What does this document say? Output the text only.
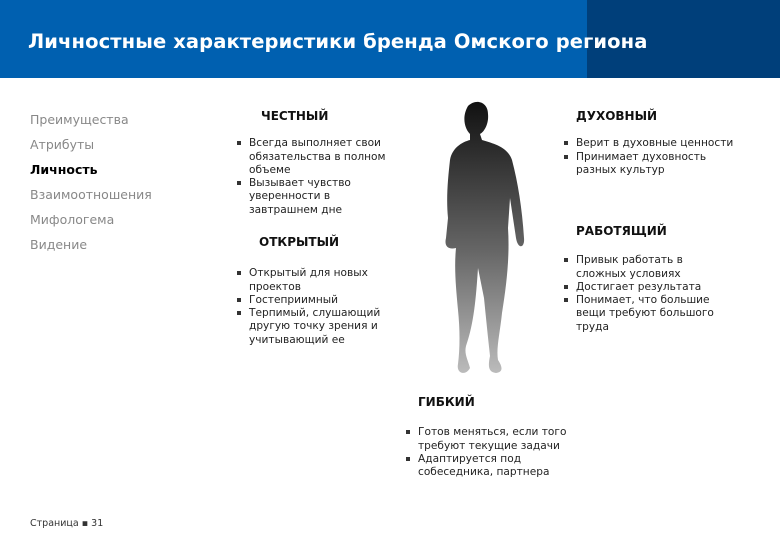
Личностные характеристики бренда Омского региона
Преимущества
Атрибуты
Личность
Взаимоотношения
Мифологема
Видение
ЧЕСТНЫЙ
Всегда выполняет свои
обязательства в полном
объеме
Вызывает чувство
уверенности в
завтрашнем дне
ОТКРЫТЫЙ
Открытый для новых
проектов
Гостеприимный
Терпимый, слушающий
другую точку зрения и
учитывающий ее
ДУХОВНЫЙ
Верит в духовные ценности
Принимает духовность
разных культур
РАБОТЯЩИЙ
Привык работать в
сложных условиях
Достигает результата
Понимает, что большие
вещи требуют большого
труда
ГИБКИЙ
Готов меняться, если того
требуют текущие задачи
Адаптируется под
собеседника, партнера
Страница ▪ 31
